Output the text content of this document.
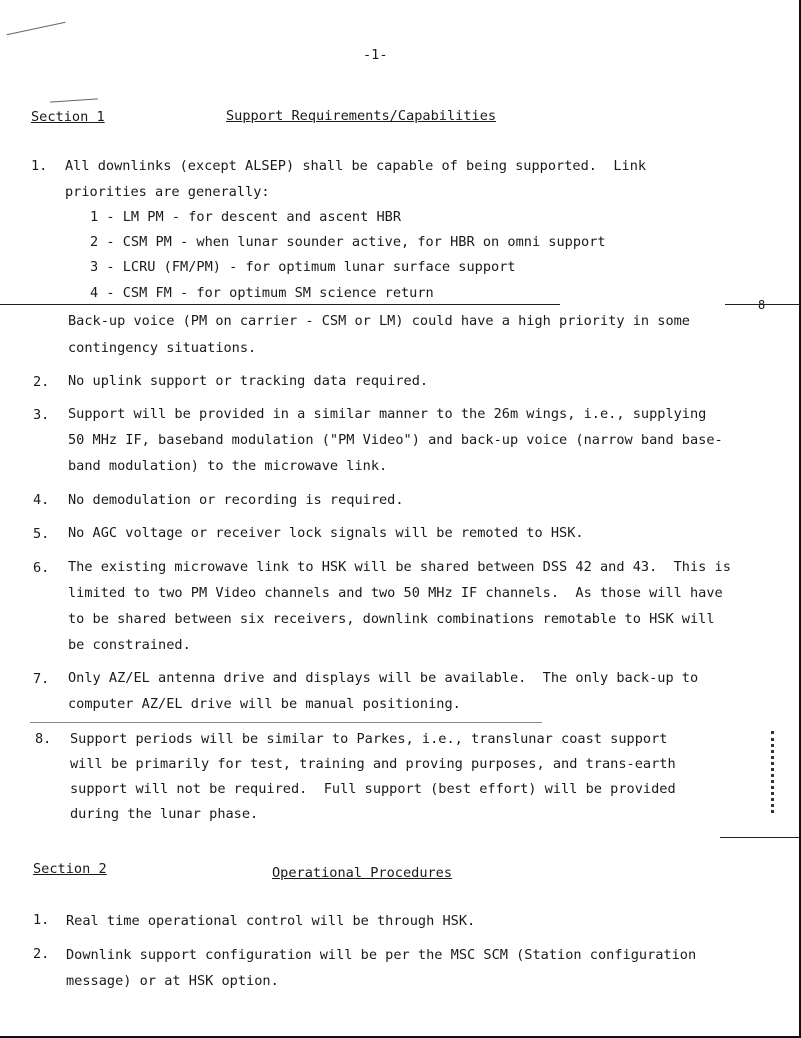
-1-
Section 1	Support Requirements/Capabilities
1. All downlinks (except ALSEP) shall be capable of being supported.  Link
priorities are generally:
1 - LM PM - for descent and ascent HBR
2 - CSM PM - when lunar sounder active, for HBR on omni support
3 - LCRU (FM/PM) - for optimum lunar surface support
4 - CSM FM - for optimum SM science return
8
Back-up voice (PM on carrier - CSM or LM) could have a high priority in some
contingency situations.
2. No uplink support or tracking data required.
3. Support will be provided in a similar manner to the 26m wings, i.e., supplying
50 MHz IF, baseband modulation ("PM Video") and back-up voice (narrow band base-
band modulation) to the microwave link.
4. No demodulation or recording is required.
5. No AGC voltage or receiver lock signals will be remoted to HSK.
6. The existing microwave link to HSK will be shared between DSS 42 and 43.  This is
limited to two PM Video channels and two 50 MHz IF channels.  As those will have
to be shared between six receivers, downlink combinations remotable to HSK will
be constrained.
7. Only AZ/EL antenna drive and displays will be available.  The only back-up to
computer AZ/EL drive will be manual positioning.
8. Support periods will be similar to Parkes, i.e., translunar coast support
will be primarily for test, training and proving purposes, and trans-earth
support will not be required.  Full support (best effort) will be provided
during the lunar phase.
Section 2	Operational Procedures
1. Real time operational control will be through HSK.
2. Downlink support configuration will be per the MSC SCM (Station configuration
message) or at HSK option.
